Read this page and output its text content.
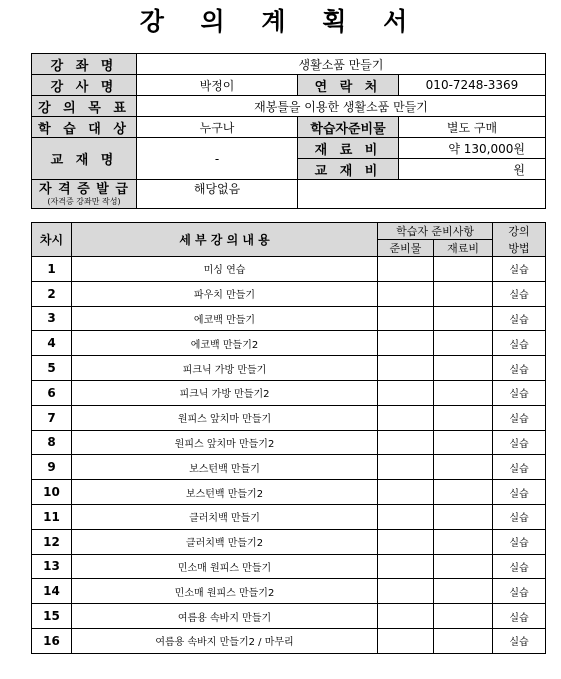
강 의 계 획 서
강 좌 명	생활소품 만들기		
강 사 명	박정이	연 락 처	010-7248-3369
강 의 목 표	재봉틀을 이용한 생활소품 만들기		
학 습 대 상	누구나	학습자준비물	별도 구매
교 재 명	-	재 료 비	약 130,000원
		교 재 비	원

자 격 증 발 급
(자격증 강좌만 작성)	해당없음		
차시	세 부 강 의 내 용	학습자 준비사항		강의
		준비물	재료비	방법
1	미싱 연습			실습
2	파우치 만들기			실습
3	에코백 만들기			실습
4	에코백 만들기2			실습
5	피크닉 가방 만들기			실습
6	피크닉 가방 만들기2			실습
7	원피스 앞치마 만들기			실습
8	원피스 앞치마 만들기2			실습
9	보스턴백 만들기			실습
10	보스턴백 만들기2			실습
11	클러치백 만들기			실습
12	클러치백 만들기2			실습
13	민소매 원피스 만들기			실습
14	민소매 원피스 만들기2			실습
15	여름용 속바지 만들기			실습
16	여름용 속바지 만들기2 / 마무리			실습
